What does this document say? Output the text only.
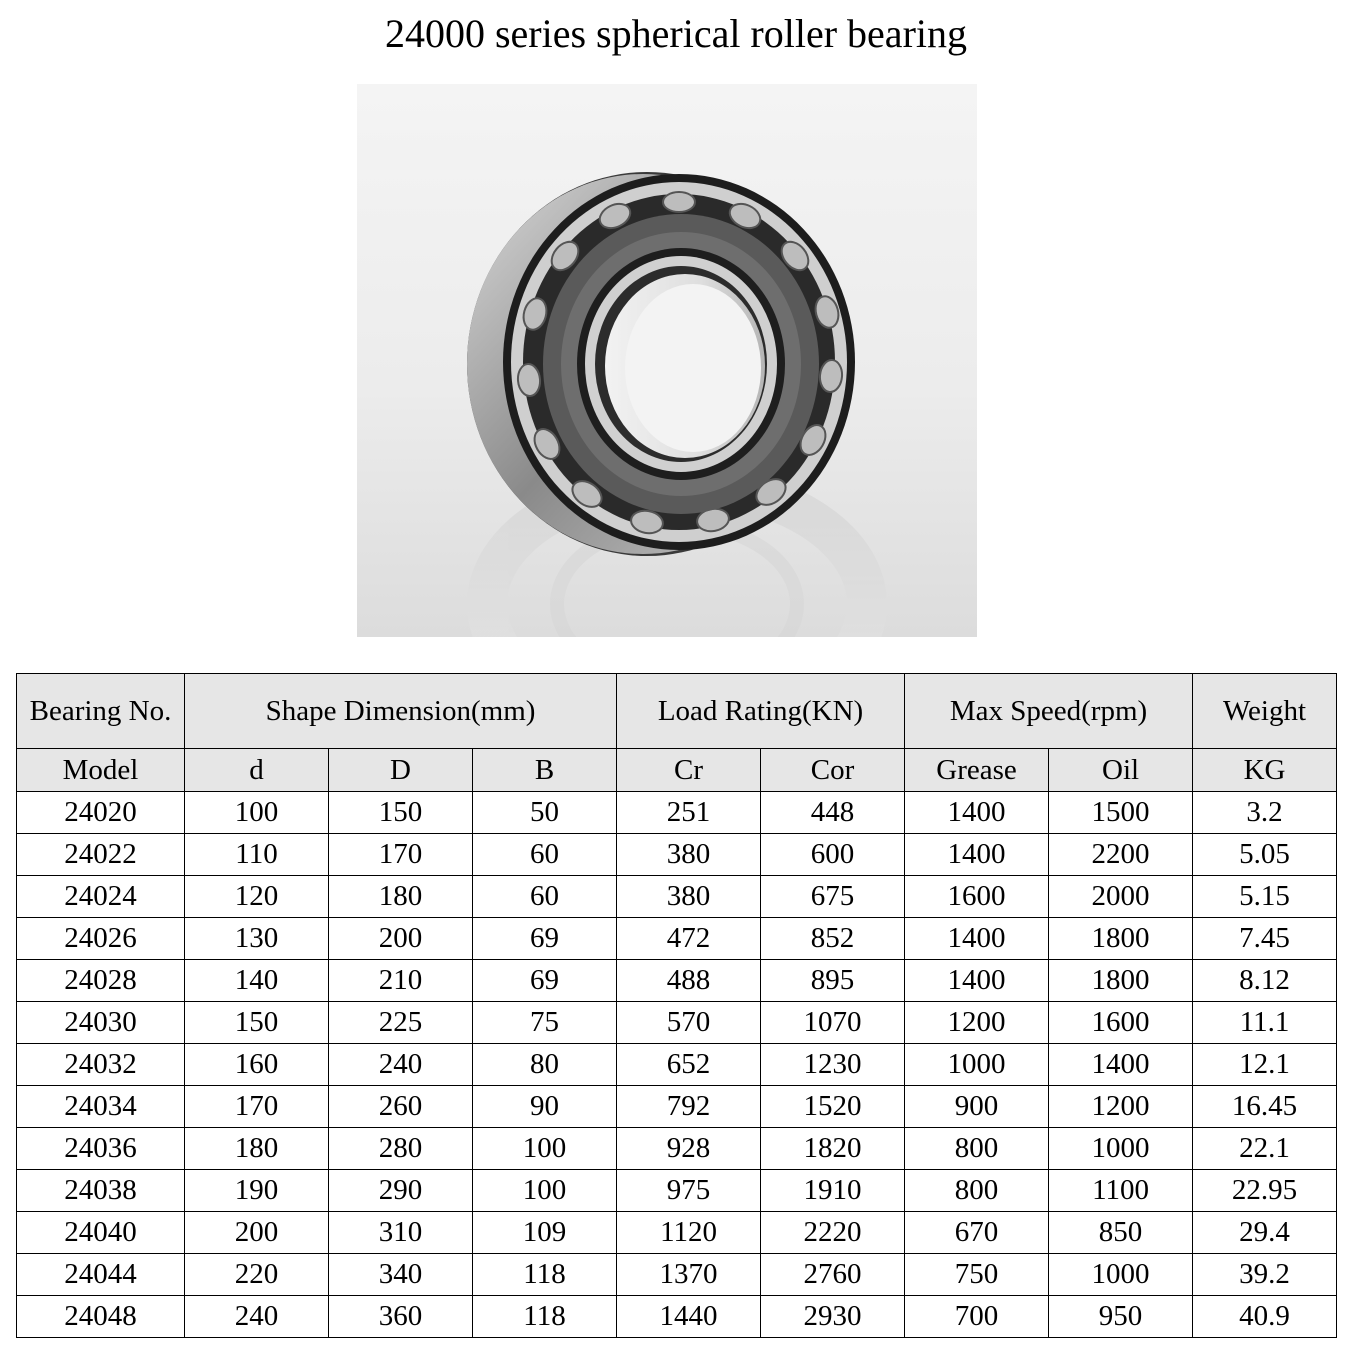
24000 series spherical roller bearing
Bearing No.	Shape Dimension(mm)			Load Rating(KN)		Max Speed(rpm)		Weight
Model	d	D	B	Cr	Cor	Grease	Oil	KG
24020	100	150	50	251	448	1400	1500	3.2
24022	110	170	60	380	600	1400	2200	5.05
24024	120	180	60	380	675	1600	2000	5.15
24026	130	200	69	472	852	1400	1800	7.45
24028	140	210	69	488	895	1400	1800	8.12
24030	150	225	75	570	1070	1200	1600	11.1
24032	160	240	80	652	1230	1000	1400	12.1
24034	170	260	90	792	1520	900	1200	16.45
24036	180	280	100	928	1820	800	1000	22.1
24038	190	290	100	975	1910	800	1100	22.95
24040	200	310	109	1120	2220	670	850	29.4
24044	220	340	118	1370	2760	750	1000	39.2
24048	240	360	118	1440	2930	700	950	40.9
